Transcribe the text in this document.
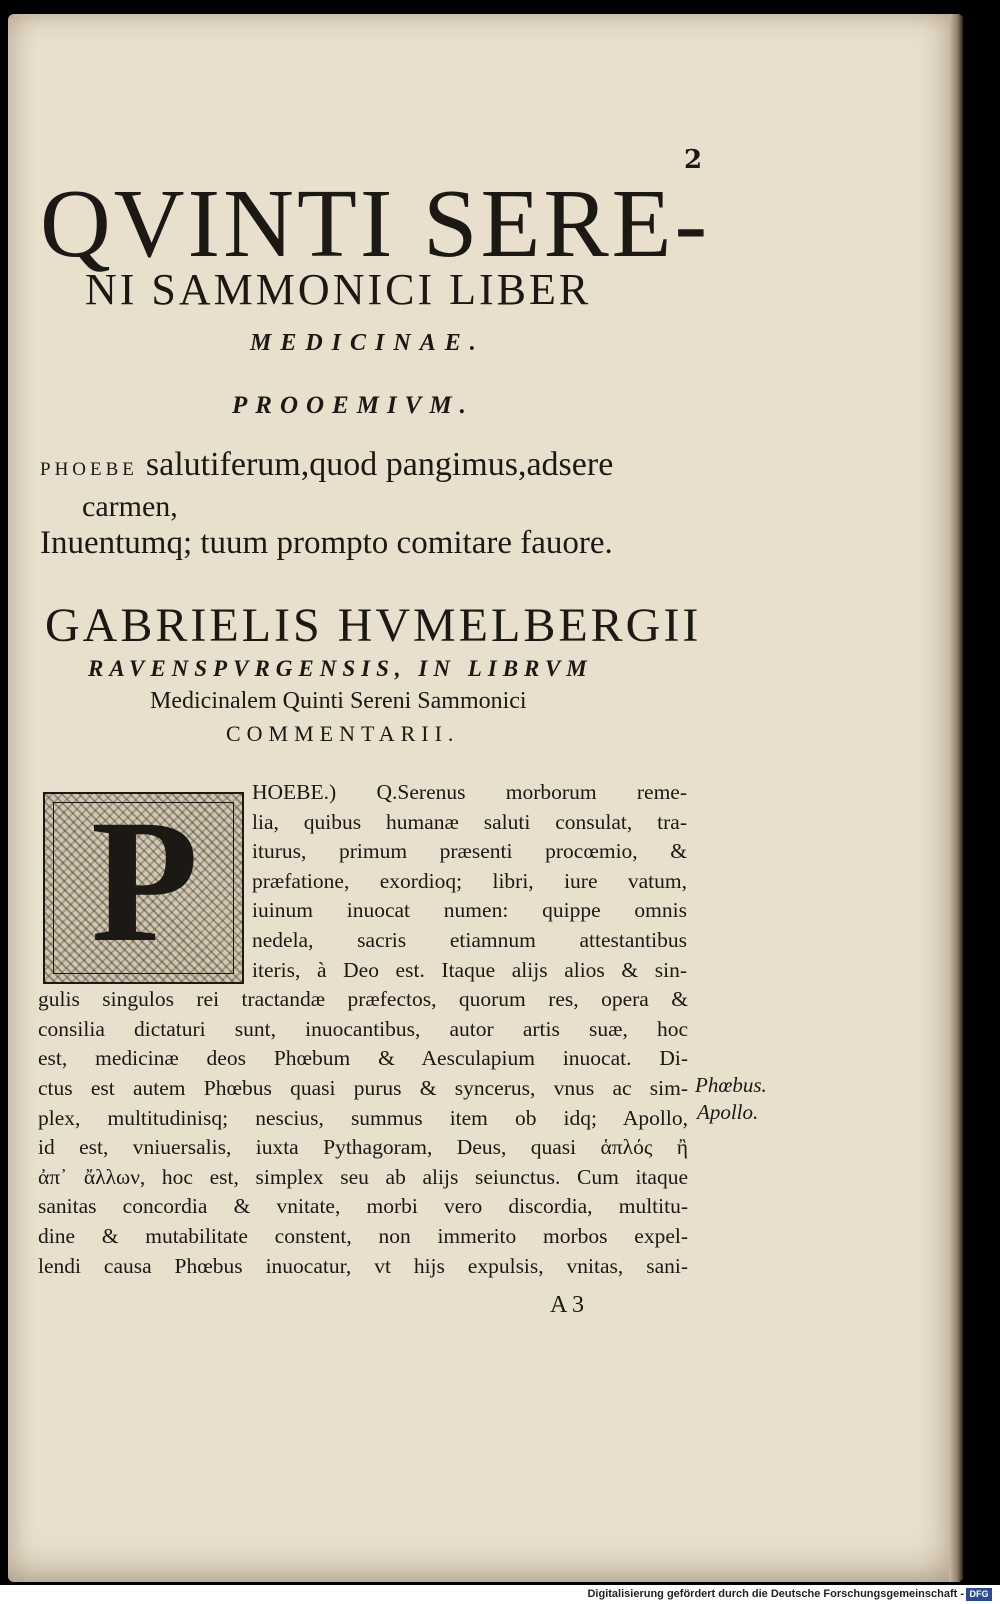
2
QVINTI SERE-
NI SAMMONICI LIBER
MEDICINAE.
PROOEMIVM.
PHOEBE salutiferum,quod pangimus,adsere
carmen,
Inuentumq; tuum prompto comitare fauore.
GABRIELIS HVMELBERGII
RAVENSPVRGENSIS, IN LIBRVM
Medicinalem Quinti Sereni Sammonici
COMMENTARII.
P HOEBE.) Q.Serenus morborum reme-
lia, quibus humanæ saluti consulat, tra-
iturus, primum præsenti procœmio, &
præfatione, exordioq; libri, iure vatum,
iuinum inuocat numen: quippe omnis
nedela, sacris etiamnum attestantibus
iteris, à Deo est. Itaque alijs alios & sin-
gulis singulos rei tractandæ præfectos, quorum res, opera &
consilia dictaturi sunt, inuocantibus, autor artis suæ, hoc
est, medicinæ deos Phœbum & Aesculapium inuocat. Di-
ctus est autem Phœbus quasi purus & syncerus, vnus ac sim-
plex, multitudinisq; nescius, summus item ob idq; Apollo,
id est, vniuersalis, iuxta Pythagoram, Deus, quasi ἁπλός ἢ
ἀπ᾽ ἄλλων, hoc est, simplex seu ab alijs seiunctus. Cum itaque
sanitas concordia & vnitate, morbi vero discordia, multitu-
dine & mutabilitate constent, non immerito morbos expel-
lendi causa Phœbus inuocatur, vt hijs expulsis, vnitas, sani-
Phœbus.
Apollo.
A 3
Digitalisierung gefördert durch die Deutsche Forschungsgemeinschaft - DFG
